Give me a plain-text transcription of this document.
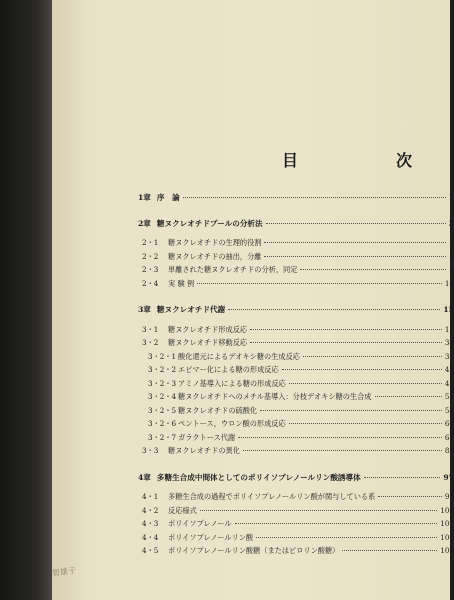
目	次
1章 序　論	1
2章 糖ヌクレオチドプールの分析法	3
2・1	糖ヌクレオチドの生理的役割	3
2・2	糖ヌクレオチドの抽出，分離	8
2・3	単離された糖ヌクレオチドの分析，同定	8
2・4	実 験 例	10
3章 糖ヌクレオチド代謝	15
3・1	糖ヌクレオチド形成反応	15
3・2	糖ヌクレオチド移動反応	34
3・2・1 酸化還元によるデオキシ糖の生成反応	35
3・2・2 エピマー化による糖の形成反応	45
3・2・3 アミノ基導入による糖の形成反応	47
3・2・4 糖ヌクレオチドへのメチル基導入：分枝デオキシ糖の生合成	51
3・2・5 糖ヌクレオチドの硫酸化	56
3・2・6 ペントース，ウロン酸の形成反応	60
3・2・7 ガラクトース代謝	65
3・3	糖ヌクレオチドの異化	83
4章 多糖生合成中間体としてのポリイソプレノールリン酸誘導体	97
4・1	多糖生合成の過程でポリイソプレノールリン酸が関与している系	97
4・2	反応様式	100
4・3	ポリイソプレノール	101
4・4	ポリイソプレノールリン酸	106
4・5	ポリイソプレノールリン酸糖（またはピロリン酸糖）	109
智雄子
